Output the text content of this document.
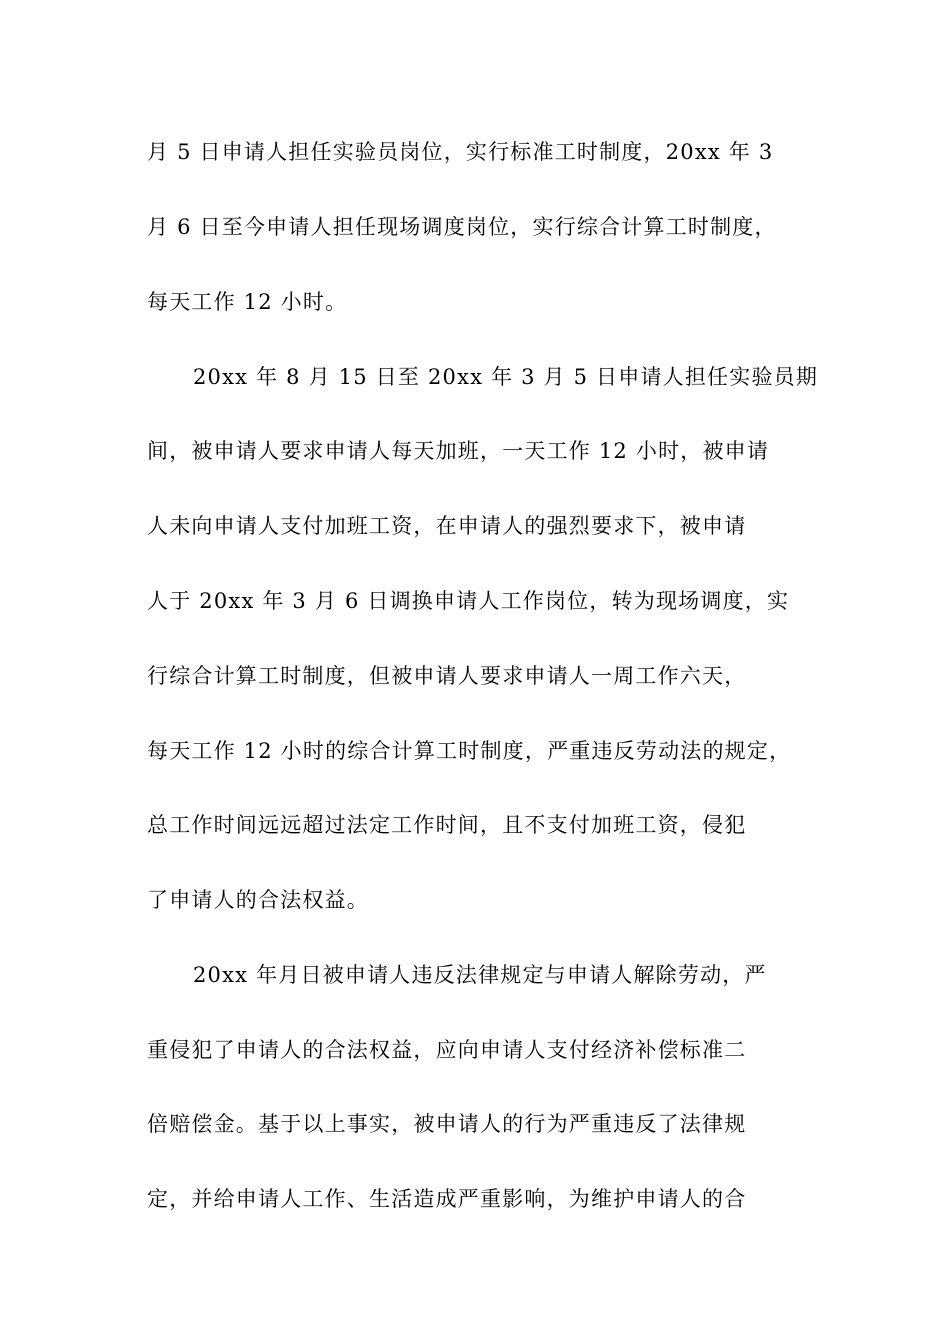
月 5 日申请人担任实验员岗位，实行标准工时制度，20xx 年 3
月 6 日至今申请人担任现场调度岗位，实行综合计算工时制度，
每天工作 12 小时。
20xx 年 8 月 15 日至 20xx 年 3 月 5 日申请人担任实验员期
间，被申请人要求申请人每天加班，一天工作 12 小时，被申请
人未向申请人支付加班工资，在申请人的强烈要求下，被申请
人于 20xx 年 3 月 6 日调换申请人工作岗位，转为现场调度，实
行综合计算工时制度，但被申请人要求申请人一周工作六天，
每天工作 12 小时的综合计算工时制度，严重违反劳动法的规定，
总工作时间远远超过法定工作时间，且不支付加班工资，侵犯
了申请人的合法权益。
20xx 年月日被申请人违反法律规定与申请人解除劳动，严
重侵犯了申请人的合法权益，应向申请人支付经济补偿标准二
倍赔偿金。基于以上事实，被申请人的行为严重违反了法律规
定，并给申请人工作、生活造成严重影响，为维护申请人的合
